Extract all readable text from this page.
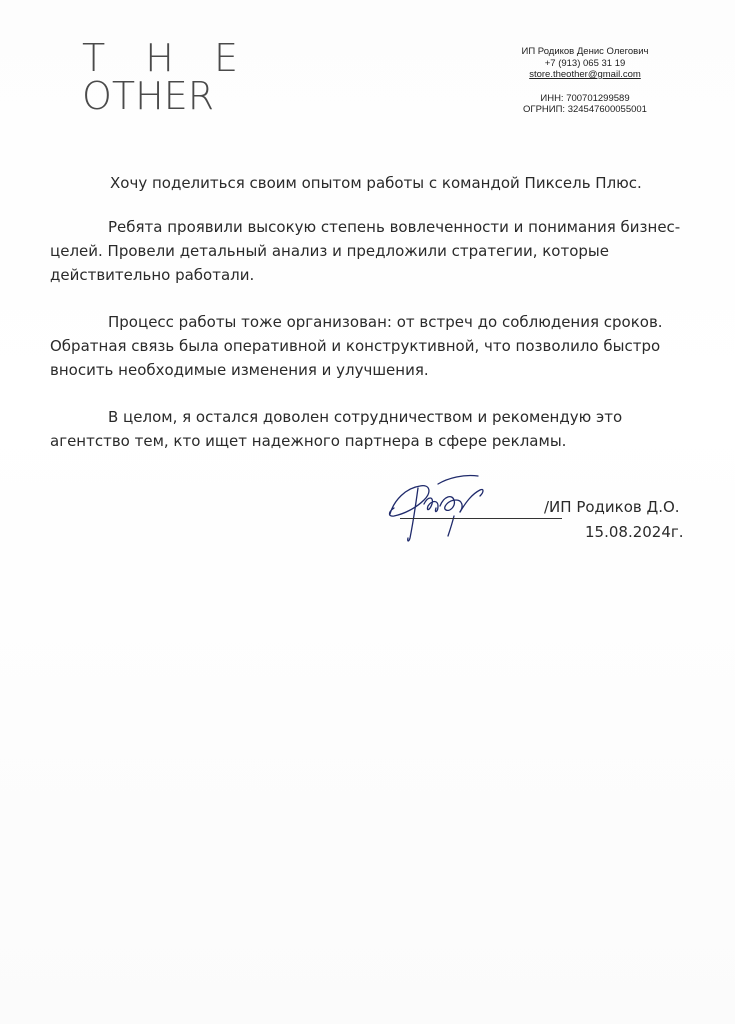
T H E
OTHER
ИП Родиков Денис Олегович
+7 (913) 065 31 19
store.theother@gmail.com
ИНН: 700701299589
ОГРНИП: 324547600055001

Хочу поделиться своим опытом работы с командой Пиксель Плюс.

Ребята проявили высокую степень вовлеченности и понимания бизнес-целей. Провели детальный анализ и предложили стратегии, которые действительно работали.

Процесс работы тоже организован: от встреч до соблюдения сроков. Обратная связь была оперативной и конструктивной, что позволило быстро вносить необходимые изменения и улучшения.

В целом, я остался доволен сотрудничеством и рекомендую это агентство тем, кто ищет надежного партнера в сфере рекламы.

/ИП Родиков Д.О.
15.08.2024г.
